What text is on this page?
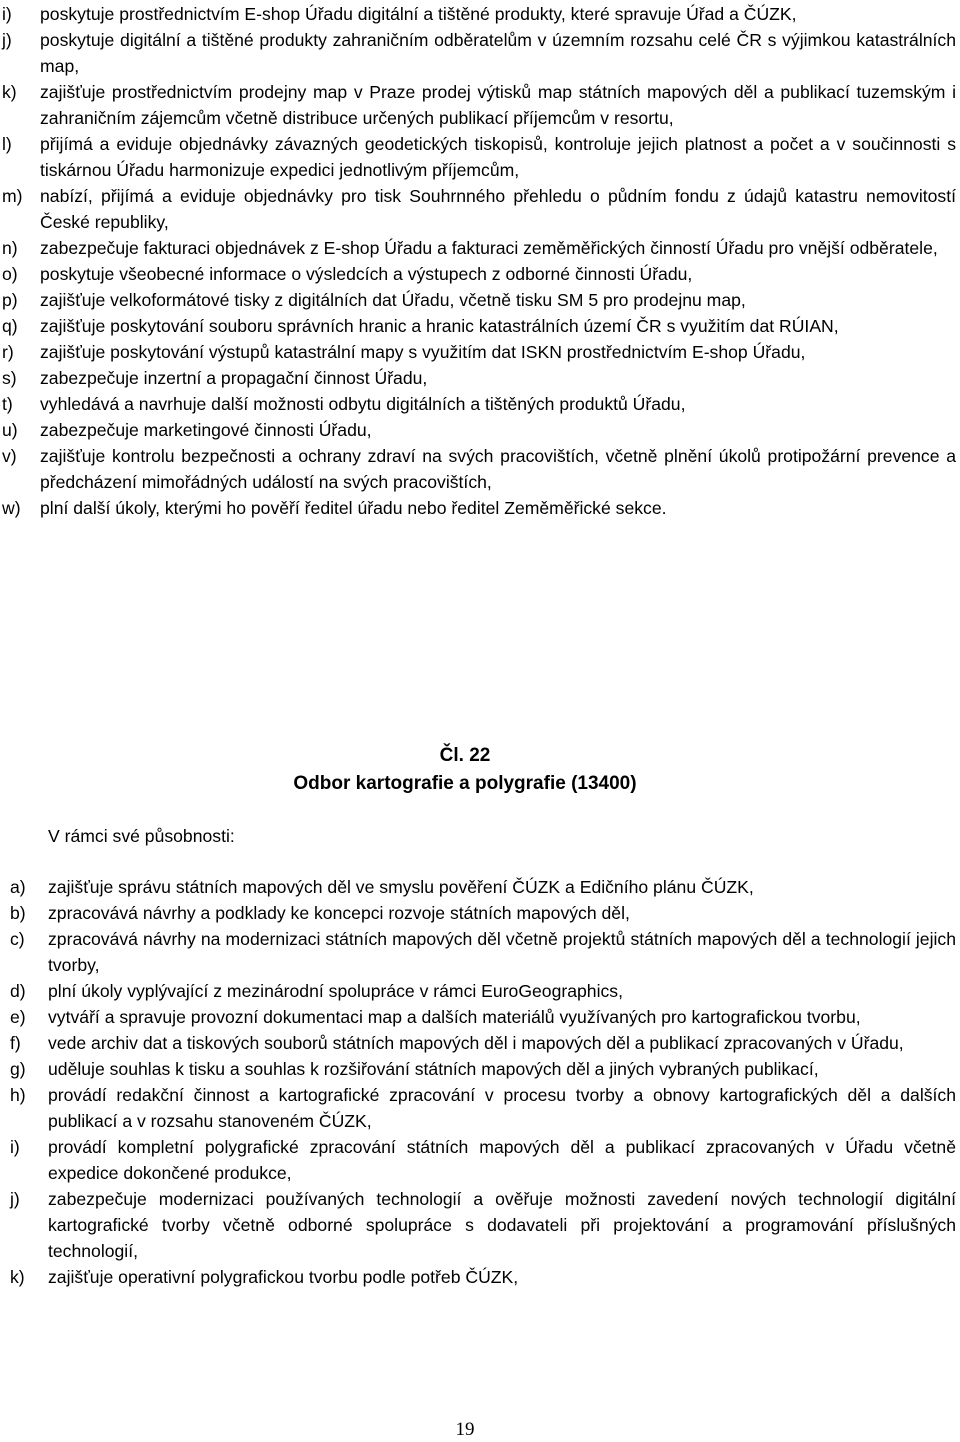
i)	poskytuje prostřednictvím E-shop Úřadu digitální a tištěné produkty, které spravuje Úřad a ČÚZK,
j)	poskytuje digitální a tištěné produkty zahraničním odběratelům v územním rozsahu celé ČR s výjimkou katastrálních map,
k)	zajišťuje prostřednictvím prodejny map v Praze prodej výtisků map státních mapových děl a publikací tuzemským i zahraničním zájemcům včetně distribuce určených publikací příjemcům v resortu,
l)	přijímá a eviduje objednávky závazných geodetických tiskopisů, kontroluje jejich platnost a počet a v součinnosti s tiskárnou Úřadu harmonizuje expedici jednotlivým příjemcům,
m) nabízí, přijímá a eviduje objednávky pro tisk Souhrnného přehledu o půdním fondu z údajů katastru nemovitostí České republiky,
n)	zabezpečuje fakturaci objednávek z E-shop Úřadu a fakturaci zeměměřických činností Úřadu pro vnější odběratele,
o)	poskytuje všeobecné informace o výsledcích a výstupech z odborné činnosti Úřadu,
p)	zajišťuje velkoformátové tisky z digitálních dat Úřadu, včetně tisku SM 5 pro prodejnu map,
q)	zajišťuje poskytování souboru správních hranic a hranic katastrálních území ČR s využitím dat RÚIAN,
r)	zajišťuje poskytování výstupů katastrální mapy s využitím dat ISKN prostřednictvím E-shop Úřadu,
s)	zabezpečuje inzertní a propagační činnost Úřadu,
t)	vyhledává a navrhuje další možnosti odbytu digitálních a tištěných produktů Úřadu,
u)	zabezpečuje marketingové činnosti Úřadu,
v)	zajišťuje kontrolu bezpečnosti a ochrany zdraví na svých pracovištích, včetně plnění úkolů protipožární prevence a předcházení mimořádných událostí na svých pracovištích,
w)	plní další úkoly, kterými ho pověří ředitel úřadu nebo ředitel Zeměměřické sekce.
Čl. 22
Odbor kartografie a polygrafie (13400)
V rámci své působnosti:
a)	zajišťuje správu státních mapových děl ve smyslu pověření ČÚZK a Edičního plánu ČÚZK,
b)	zpracovává návrhy a podklady ke koncepci rozvoje státních mapových děl,
c)	zpracovává návrhy na modernizaci státních mapových děl včetně projektů státních mapových děl a technologií jejich tvorby,
d)	plní úkoly vyplývající z mezinárodní spolupráce v rámci EuroGeographics,
e)	vytváří a spravuje provozní dokumentaci map a dalších materiálů využívaných pro kartografickou tvorbu,
f)	vede archiv dat a tiskových souborů státních mapových děl i mapových děl a publikací zpracovaných v Úřadu,
g)	uděluje souhlas k tisku a souhlas k rozšiřování státních mapových děl a jiných vybraných publikací,
h)	provádí redakční činnost a kartografické zpracování v procesu tvorby a obnovy kartografických děl a dalších publikací a v rozsahu stanoveném ČÚZK,
i)	provádí kompletní polygrafické zpracování státních mapových děl a publikací zpracovaných v Úřadu včetně expedice dokončené produkce,
j)	zabezpečuje modernizaci používaných technologií a ověřuje možnosti zavedení nových technologií digitální kartografické tvorby včetně odborné spolupráce s dodavateli při projektování a programování příslušných technologií,
k)	zajišťuje operativní polygrafickou tvorbu podle potřeb ČÚZK,
19
